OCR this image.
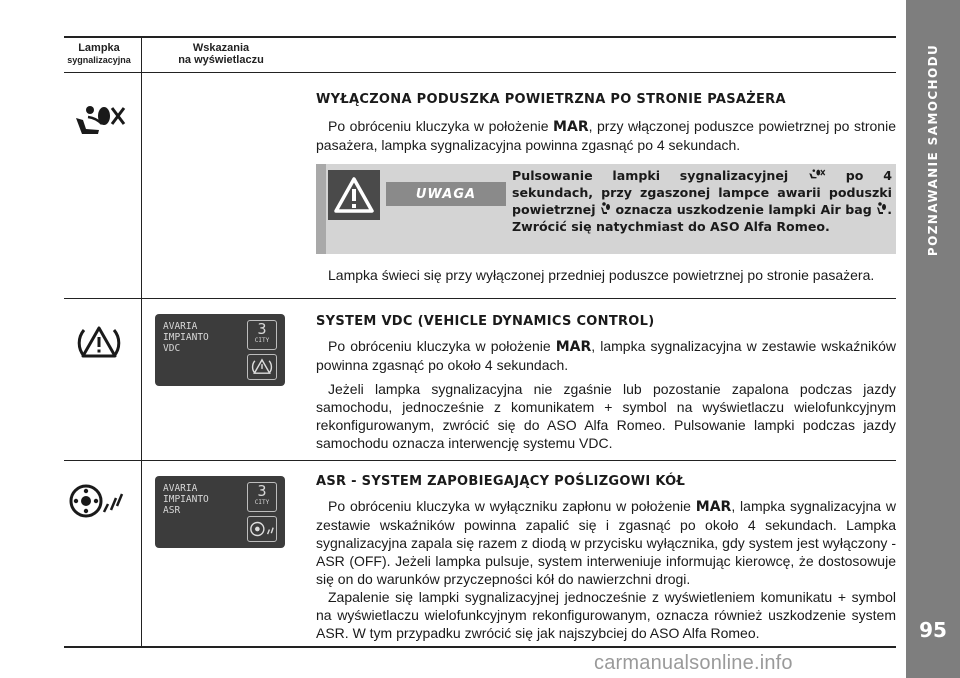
POZNAWANIE SAMOCHODU
95
Lampka
sygnalizacyjna
Wskazania
na wyświetlaczu
WYŁĄCZONA PODUSZKA POWIETRZNA PO STRONIE PASAŻERA
Po obróceniu kluczyka w położenie MAR, przy włączonej poduszce powietrznej po stronie pasażera, lampka sygnalizacyjna powinna zgasnąć po 4 sekundach.
UWAGA
Pulsowanie lampki sygnalizacyjnej	po 4 sekundach, przy zgaszonej lampce awarii poduszki powietrznej oznacza uszkodzenie lampki Air bag . Zwrócić się natychmiast do ASO Alfa Romeo.
Lampka świeci się przy wyłączonej przedniej poduszce powietrznej po stronie pasażera.
AVARIA
IMPIANTO
VDC
3
CITY
SYSTEM VDC (VEHICLE DYNAMICS CONTROL)
Po obróceniu kluczyka w położenie MAR, lampka sygnalizacyjna w zestawie wskaźników powinna zgasnąć po około 4 sekundach.
Jeżeli lampka sygnalizacyjna nie zgaśnie lub pozostanie zapalona podczas jazdy samochodu, jednocześnie z komunikatem + symbol na wyświetlaczu wielofunkcyjnym rekonfigurowanym, zwrócić się do ASO Alfa Romeo. Pulsowanie lampki podczas jazdy samochodu oznacza interwencję systemu VDC.
AVARIA
IMPIANTO
ASR
3
CITY
ASR - SYSTEM ZAPOBIEGAJĄCY POŚLIZGOWI KÓŁ
Po obróceniu kluczyka w wyłączniku zapłonu w położenie MAR, lampka sygnalizacyjna w zestawie wskaźników powinna zapalić się i zgasnąć po około 4 sekundach. Lampka sygnalizacyjna zapala się razem z diodą w przycisku wyłącznika, gdy system jest wyłączony - ASR (OFF). Jeżeli lampka pulsuje, system interweniuje informując kierowcę, że dostosowuje się on do warunków przyczepności kół do nawierzchni drogi.
Zapalenie się lampki sygnalizacyjnej jednocześnie z wyświetleniem komunikatu + symbol na wyświetlaczu wielofunkcyjnym rekonfigurowanym, oznacza również uszkodzenie system ASR. W tym przypadku zwrócić się jak najszybciej do ASO Alfa Romeo.
carmanualsonline.info
